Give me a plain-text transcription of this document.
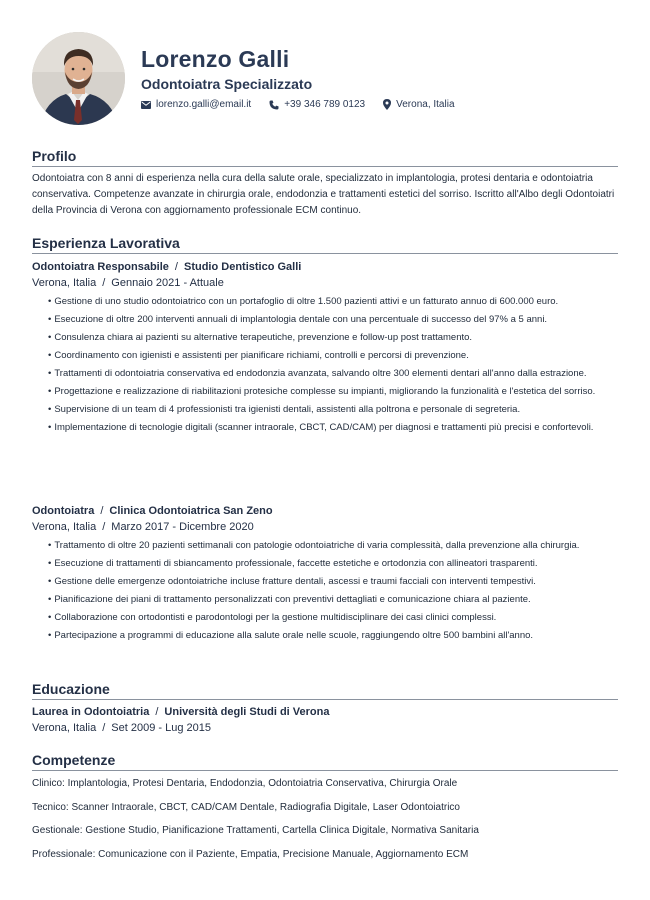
Lorenzo Galli
Odontoiatra Specializzato
lorenzo.galli@email.it	+39 346 789 0123	Verona, Italia
Profilo
Odontoiatra con 8 anni di esperienza nella cura della salute orale, specializzato in implantologia, protesi dentaria e odontoiatria conservativa. Competenze avanzate in chirurgia orale, endodonzia e trattamenti estetici del sorriso. Iscritto all'Albo degli Odontoiatri della Provincia di Verona con aggiornamento professionale ECM continuo.
Esperienza Lavorativa
Odontoiatra Responsabile / Studio Dentistico Galli
Verona, Italia / Gennaio 2021 - Attuale
• Gestione di uno studio odontoiatrico con un portafoglio di oltre 1.500 pazienti attivi e un fatturato annuo di 600.000 euro.
• Esecuzione di oltre 200 interventi annuali di implantologia dentale con una percentuale di successo del 97% a 5 anni.
• Consulenza chiara ai pazienti su alternative terapeutiche, prevenzione e follow-up post trattamento.
• Coordinamento con igienisti e assistenti per pianificare richiami, controlli e percorsi di prevenzione.
• Trattamenti di odontoiatria conservativa ed endodonzia avanzata, salvando oltre 300 elementi dentari all'anno dalla estrazione.
• Progettazione e realizzazione di riabilitazioni protesiche complesse su impianti, migliorando la funzionalità e l'estetica del sorriso.
• Supervisione di un team di 4 professionisti tra igienisti dentali, assistenti alla poltrona e personale di segreteria.
• Implementazione di tecnologie digitali (scanner intraorale, CBCT, CAD/CAM) per diagnosi e trattamenti più precisi e confortevoli.
Odontoiatra / Clinica Odontoiatrica San Zeno
Verona, Italia / Marzo 2017 - Dicembre 2020
• Trattamento di oltre 20 pazienti settimanali con patologie odontoiatriche di varia complessità, dalla prevenzione alla chirurgia.
• Esecuzione di trattamenti di sbiancamento professionale, faccette estetiche e ortodonzia con allineatori trasparenti.
• Gestione delle emergenze odontoiatriche incluse fratture dentali, ascessi e traumi facciali con interventi tempestivi.
• Pianificazione dei piani di trattamento personalizzati con preventivi dettagliati e comunicazione chiara al paziente.
• Collaborazione con ortodontisti e parodontologi per la gestione multidisciplinare dei casi clinici complessi.
• Partecipazione a programmi di educazione alla salute orale nelle scuole, raggiungendo oltre 500 bambini all'anno.
Educazione
Laurea in Odontoiatria / Università degli Studi di Verona
Verona, Italia / Set 2009 - Lug 2015
Competenze
Clinico: Implantologia, Protesi Dentaria, Endodonzia, Odontoiatria Conservativa, Chirurgia Orale
Tecnico: Scanner Intraorale, CBCT, CAD/CAM Dentale, Radiografia Digitale, Laser Odontoiatrico
Gestionale: Gestione Studio, Pianificazione Trattamenti, Cartella Clinica Digitale, Normativa Sanitaria
Professionale: Comunicazione con il Paziente, Empatia, Precisione Manuale, Aggiornamento ECM
